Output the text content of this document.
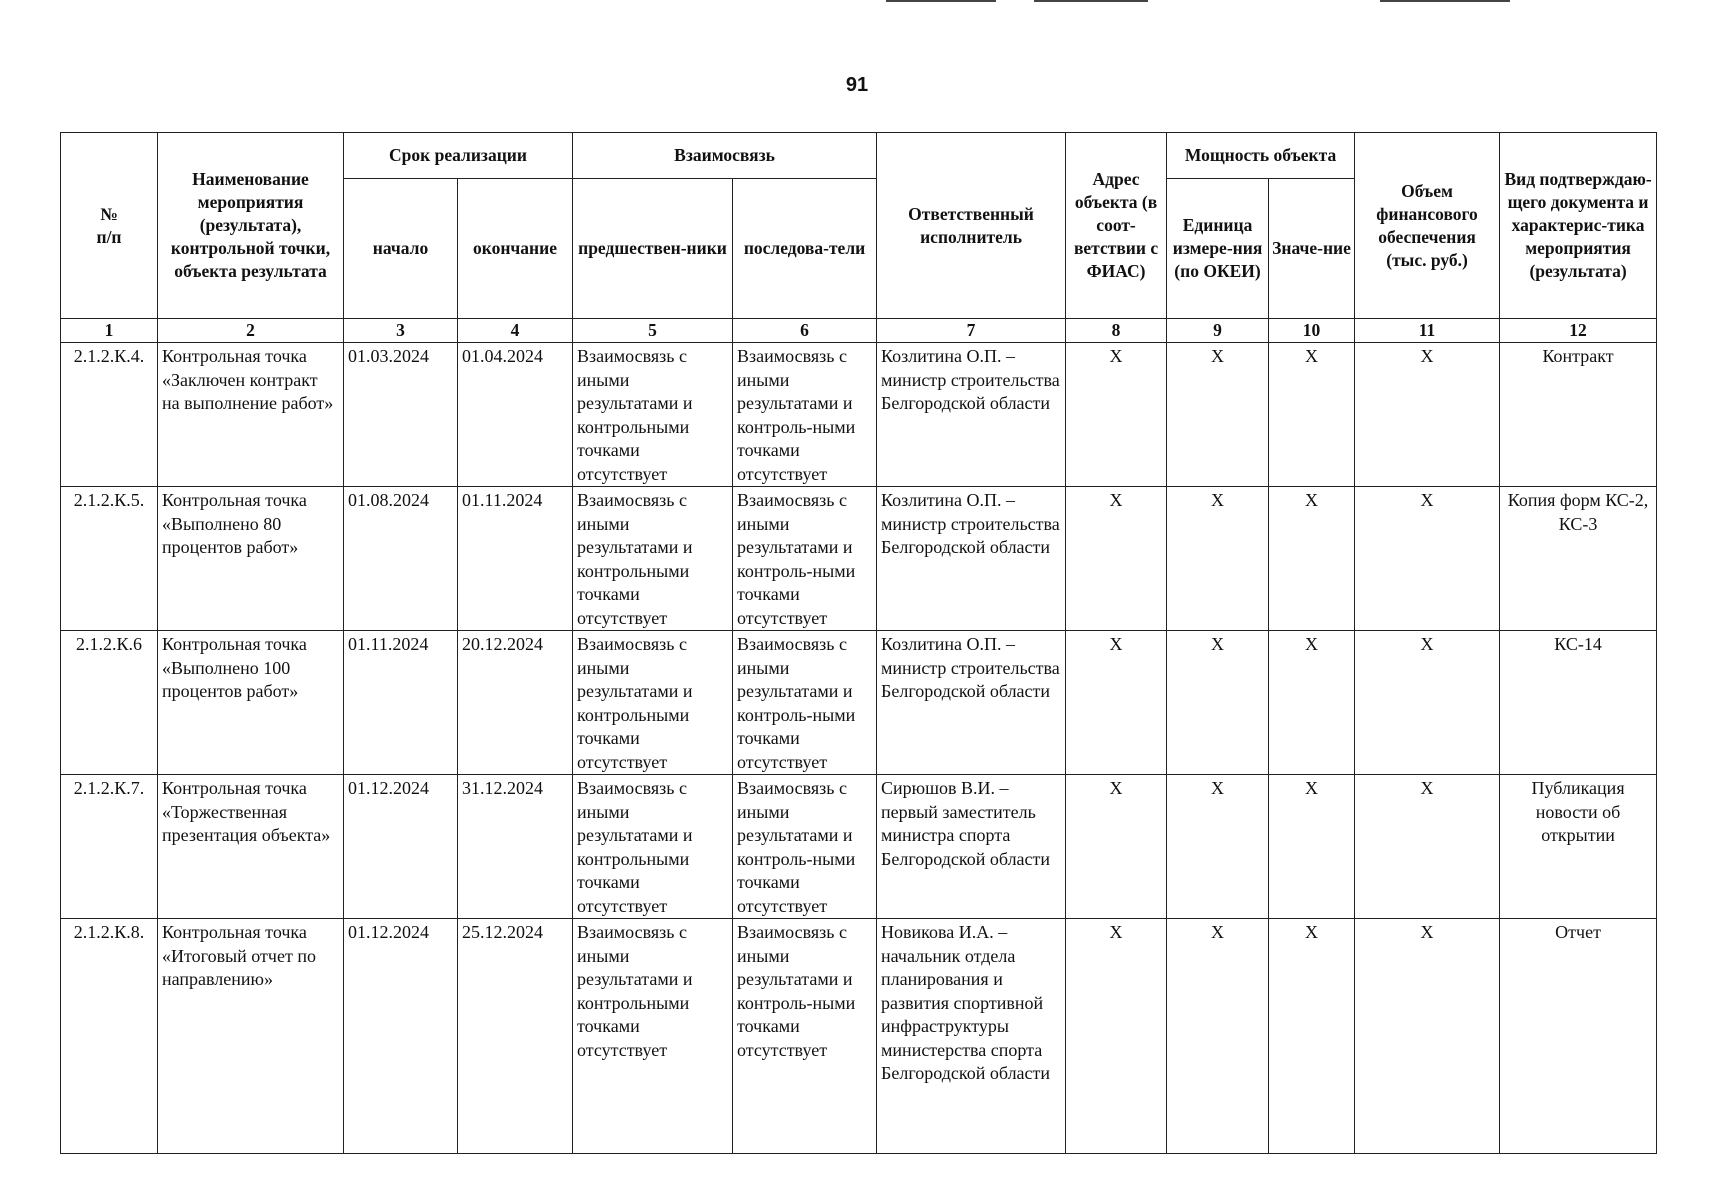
91
№
п/п	Наименование мероприятия (результата), контрольной точки, объекта результата	Срок реализации		Взаимосвязь		Ответственный исполнитель	Адрес объекта (в соот-ветствии с ФИАС)	Мощность объекта		Объем финансового обеспечения (тыс. руб.)	Вид подтверждаю-щего документа и характерис-тика мероприятия (результата)
		начало	окончание	предшествен-ники	последова-тели			Единица измере-ния (по ОКЕИ)	Значе-ние		
1	2	3	4	5	6	7	8	9	10	11	12
2.1.2.К.4.	Контрольная точка «Заключен контракт на выполнение работ»	01.03.2024	01.04.2024	Взаимосвязь с иными результатами и контрольными точками отсутствует	Взаимосвязь с иными результатами и контроль-ными точками отсутствует	Козлитина О.П. – министр строительства Белгородской области	Х	Х	Х	Х	Контракт
2.1.2.К.5.	Контрольная точка «Выполнено 80 процентов работ»	01.08.2024	01.11.2024	Взаимосвязь с иными результатами и контрольными точками отсутствует	Взаимосвязь с иными результатами и контроль-ными точками отсутствует	Козлитина О.П. – министр строительства Белгородской области	Х	Х	Х	Х	Копия форм КС-2, КС-3
2.1.2.К.6	Контрольная точка «Выполнено 100 процентов работ»	01.11.2024	20.12.2024	Взаимосвязь с иными результатами и контрольными точками отсутствует	Взаимосвязь с иными результатами и контроль-ными точками отсутствует	Козлитина О.П. – министр строительства Белгородской области	Х	Х	Х	Х	КС-14
2.1.2.К.7.	Контрольная точка «Торжественная презентация объекта»	01.12.2024	31.12.2024	Взаимосвязь с иными результатами и контрольными точками отсутствует	Взаимосвязь с иными результатами и контроль-ными точками отсутствует	Сирюшов В.И. – первый заместитель министра спорта Белгородской области	Х	Х	Х	Х	Публикация новости об открытии
2.1.2.К.8.	Контрольная точка «Итоговый отчет по направлению»	01.12.2024	25.12.2024	Взаимосвязь с иными результатами и контрольными точками отсутствует	Взаимосвязь с иными результатами и контроль-ными точками отсутствует	Новикова И.А. – начальник отдела планирования и развития спортивной инфраструктуры министерства спорта Белгородской области	Х	Х	Х	Х	Отчет
